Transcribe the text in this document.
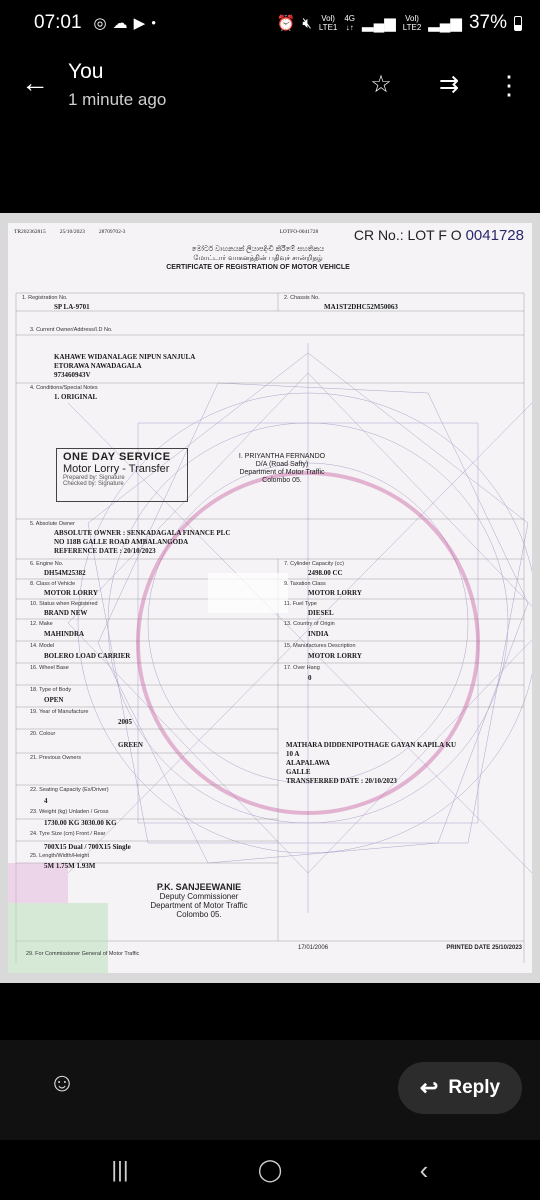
07:01 ◎ ☁ ▶ ●	⏰ 🔇︎ Vol)
LTE1
4G
↓↑ ▂▄▆ Vol)
LTE2 ▂▄▆ 37%
← You
1 minute ago
☆ ⇉ ⋮
TR202362815	25/10/2023	28709702-3	LOTFO-0041728	CR No.: LOT F O 0041728
මෝටර් වාහනයක් ලියාපදිංචි කිරීමේ සහතිකය
மோட்டார் வாகனத்தின் பதிவுச் சான்றிதழ்
CERTIFICATE OF REGISTRATION OF MOTOR VEHICLE
1. Registration No.
SP LA-9701
2. Chassis No.
MA1ST2DHC52M50063
3. Current Owner/Address/I.D No.
KAHAWE WIDANALAGE NIPUN SANJULA
ETORAWA NAWADAGALA
973460943V
4. Conditions/Special Notes
1. ORIGINAL
ONE DAY SERVICE
Motor Lorry - Transfer
Prepared by: Signature
Checked by: Signature
I. PRIYANTHA FERNANDO
D/A (Road Safty)
Department of Motor Traffic
Colombo 05.
5. Absolute Owner
ABSOLUTE OWNER : SENKADAGALA FINANCE PLC
NO 118B GALLE ROAD AMBALANGODA
REFERENCE DATE : 20/10/2023
6. Engine No.
DH54M25382
7. Cylinder Capacity (cc)
2498.00 CC
8. Class of Vehicle
MOTOR LORRY
9. Taxation Class
MOTOR LORRY
10. Status when Registered
BRAND NEW
11. Fuel Type
DIESEL
12. Make
MAHINDRA
13. Country of Origin
INDIA
14. Model
BOLERO LOAD CARRIER
15. Manufactures Description
MOTOR LORRY
16. Wheel Base	17. Over Hang
0
18. Type of Body
OPEN
19. Year of Manufacture
2005
20. Colour
GREEN
21. Previous Owners
22. Seating Capacity (Ex/Driver)
4
23. Weight (kg) Unladen / Gross
1730.00 KG 3030.00 KG
24. Tyre Size (cm) Front / Rear
700X15 Dual / 700X15 Single
25. Length/Width/Height
5M 1.75M 1.93M
MATHARA DIDDENIPOTHAGE GAYAN KAPILA KU
10 A
ALAPALAWA
GALLE
TRANSFERRED DATE : 20/10/2023
P.K. SANJEEWANIE
Deputy Commissioner
Department of Motor Traffic
Colombo 05.
17/01/2006	PRINTED DATE 25/10/2023
29. For Commissioner General of Motor Traffic
☺	↩ Reply
|||	◯	‹
